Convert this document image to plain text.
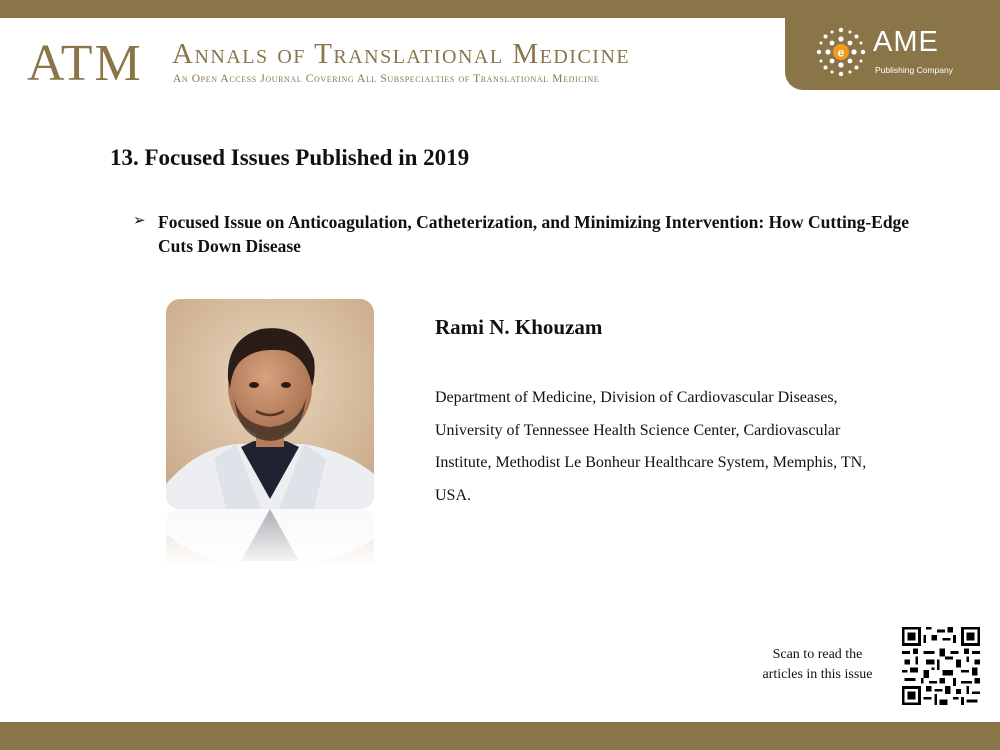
ATM Annals of Translational Medicine
An Open Access Journal Covering All Subspecialties of Translational Medicine
e AME
Publishing Company
13. Focused Issues Published in 2019
➢ Focused Issue on Anticoagulation, Catheterization, and Minimizing Intervention: How Cutting-Edge Cuts Down Disease
Rami N. Khouzam
Department of Medicine, Division of Cardiovascular Diseases, University of Tennessee Health Science Center, Cardiovascular Institute, Methodist Le Bonheur Healthcare System, Memphis, TN, USA.
Scan to read the
articles in this issue
